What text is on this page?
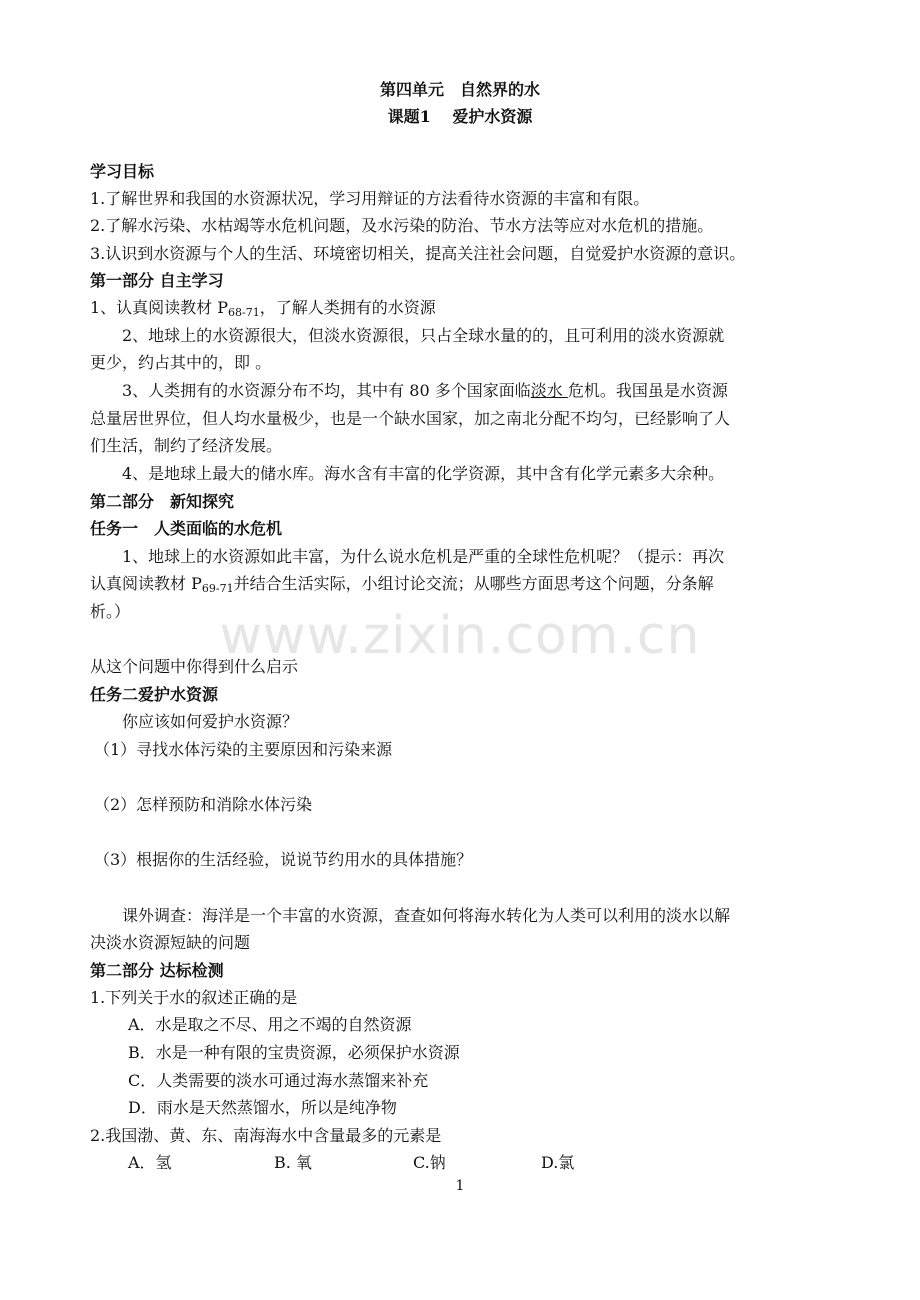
www.zixin.com.cn
第四单元　自然界的水
课题1　 爱护水资源
学习目标
1.了解世界和我国的水资源状况，学习用辩证的方法看待水资源的丰富和有限。
2.了解水污染、水枯竭等水危机问题，及水污染的防治、节水方法等应对水危机的措施。
3.认识到水资源与个人的生活、环境密切相关，提高关注社会问题，自觉爱护水资源的意识。
第一部分 自主学习
1、认真阅读教材 $P_{68-71}$，了解人类拥有的水资源
2、地球上的水资源很大，但淡水资源很，只占全球水量的的，且可利用的淡水资源就
更少，约占其中的，即 。
3、人类拥有的水资源分布不均，其中有 80 多个国家面临淡水 危机。我国虽是水资源
总量居世界位，但人均水量极少，也是一个缺水国家，加之南北分配不均匀，已经影响了人
们生活，制约了经济发展。
4、是地球上最大的储水库。海水含有丰富的化学资源，其中含有化学元素多大余种。
第二部分　新知探究
任务一　人类面临的水危机
1、地球上的水资源如此丰富，为什么说水危机是严重的全球性危机呢？（提示：再次
认真阅读教材 $P_{69-71}$并结合生活实际，小组讨论交流；从哪些方面思考这个问题，分条解
析。）
从这个问题中你得到什么启示
任务二爱护水资源
你应该如何爱护水资源？
（1）寻找水体污染的主要原因和污染来源
（2）怎样预防和消除水体污染
（3）根据你的生活经验，说说节约用水的具体措施？
课外调查：海洋是一个丰富的水资源，查查如何将海水转化为人类可以利用的淡水以解
决淡水资源短缺的问题
第二部分 达标检测
1.下列关于水的叙述正确的是
A．水是取之不尽、用之不竭的自然资源
B．水是一种有限的宝贵资源，必须保护水资源
C．人类需要的淡水可通过海水蒸馏来补充
D．雨水是天然蒸馏水，所以是纯净物
2.我国渤、黄、东、南海海水中含量最多的元素是
A．氢	B. 氧	C.钠	D.氯
1
